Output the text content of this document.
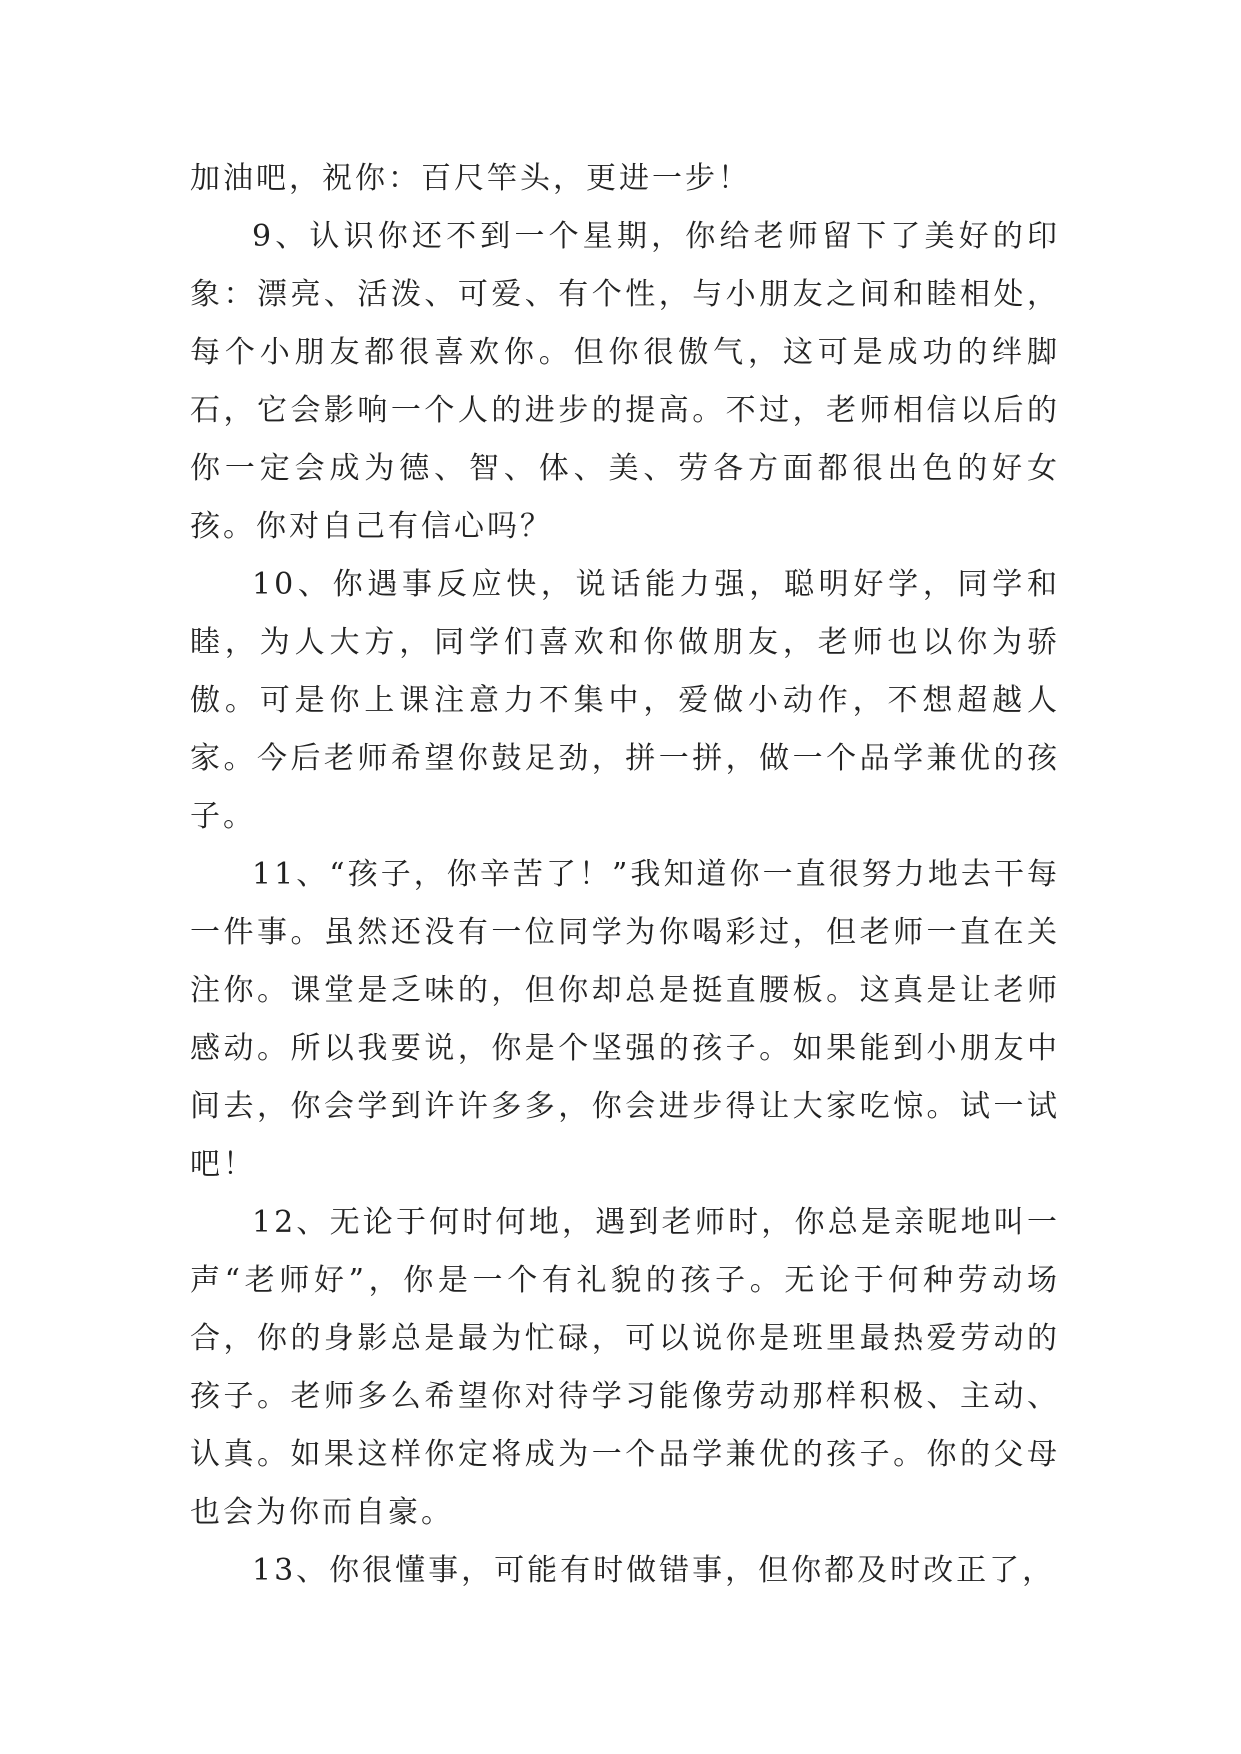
加油吧，祝你：百尺竿头，更进一步！

9、认识你还不到一个星期，你给老师留下了美好的印象：漂亮、活泼、可爱、有个性，与小朋友之间和睦相处，每个小朋友都很喜欢你。但你很傲气，这可是成功的绊脚石，它会影响一个人的进步的提高。不过，老师相信以后的你一定会成为德、智、体、美、劳各方面都很出色的好女孩。你对自己有信心吗？

10、你遇事反应快，说话能力强，聪明好学，同学和睦，为人大方，同学们喜欢和你做朋友，老师也以你为骄傲。可是你上课注意力不集中，爱做小动作，不想超越人家。今后老师希望你鼓足劲，拼一拼，做一个品学兼优的孩子。

11、“孩子，你辛苦了！”我知道你一直很努力地去干每一件事。虽然还没有一位同学为你喝彩过，但老师一直在关注你。课堂是乏味的，但你却总是挺直腰板。这真是让老师感动。所以我要说，你是个坚强的孩子。如果能到小朋友中间去，你会学到许许多多，你会进步得让大家吃惊。试一试吧！

12、无论于何时何地，遇到老师时，你总是亲昵地叫一声“老师好”，你是一个有礼貌的孩子。无论于何种劳动场合，你的身影总是最为忙碌，可以说你是班里最热爱劳动的孩子。老师多么希望你对待学习能像劳动那样积极、主动、认真。如果这样你定将成为一个品学兼优的孩子。你的父母也会为你而自豪。

13、你很懂事，可能有时做错事，但你都及时改正了，
